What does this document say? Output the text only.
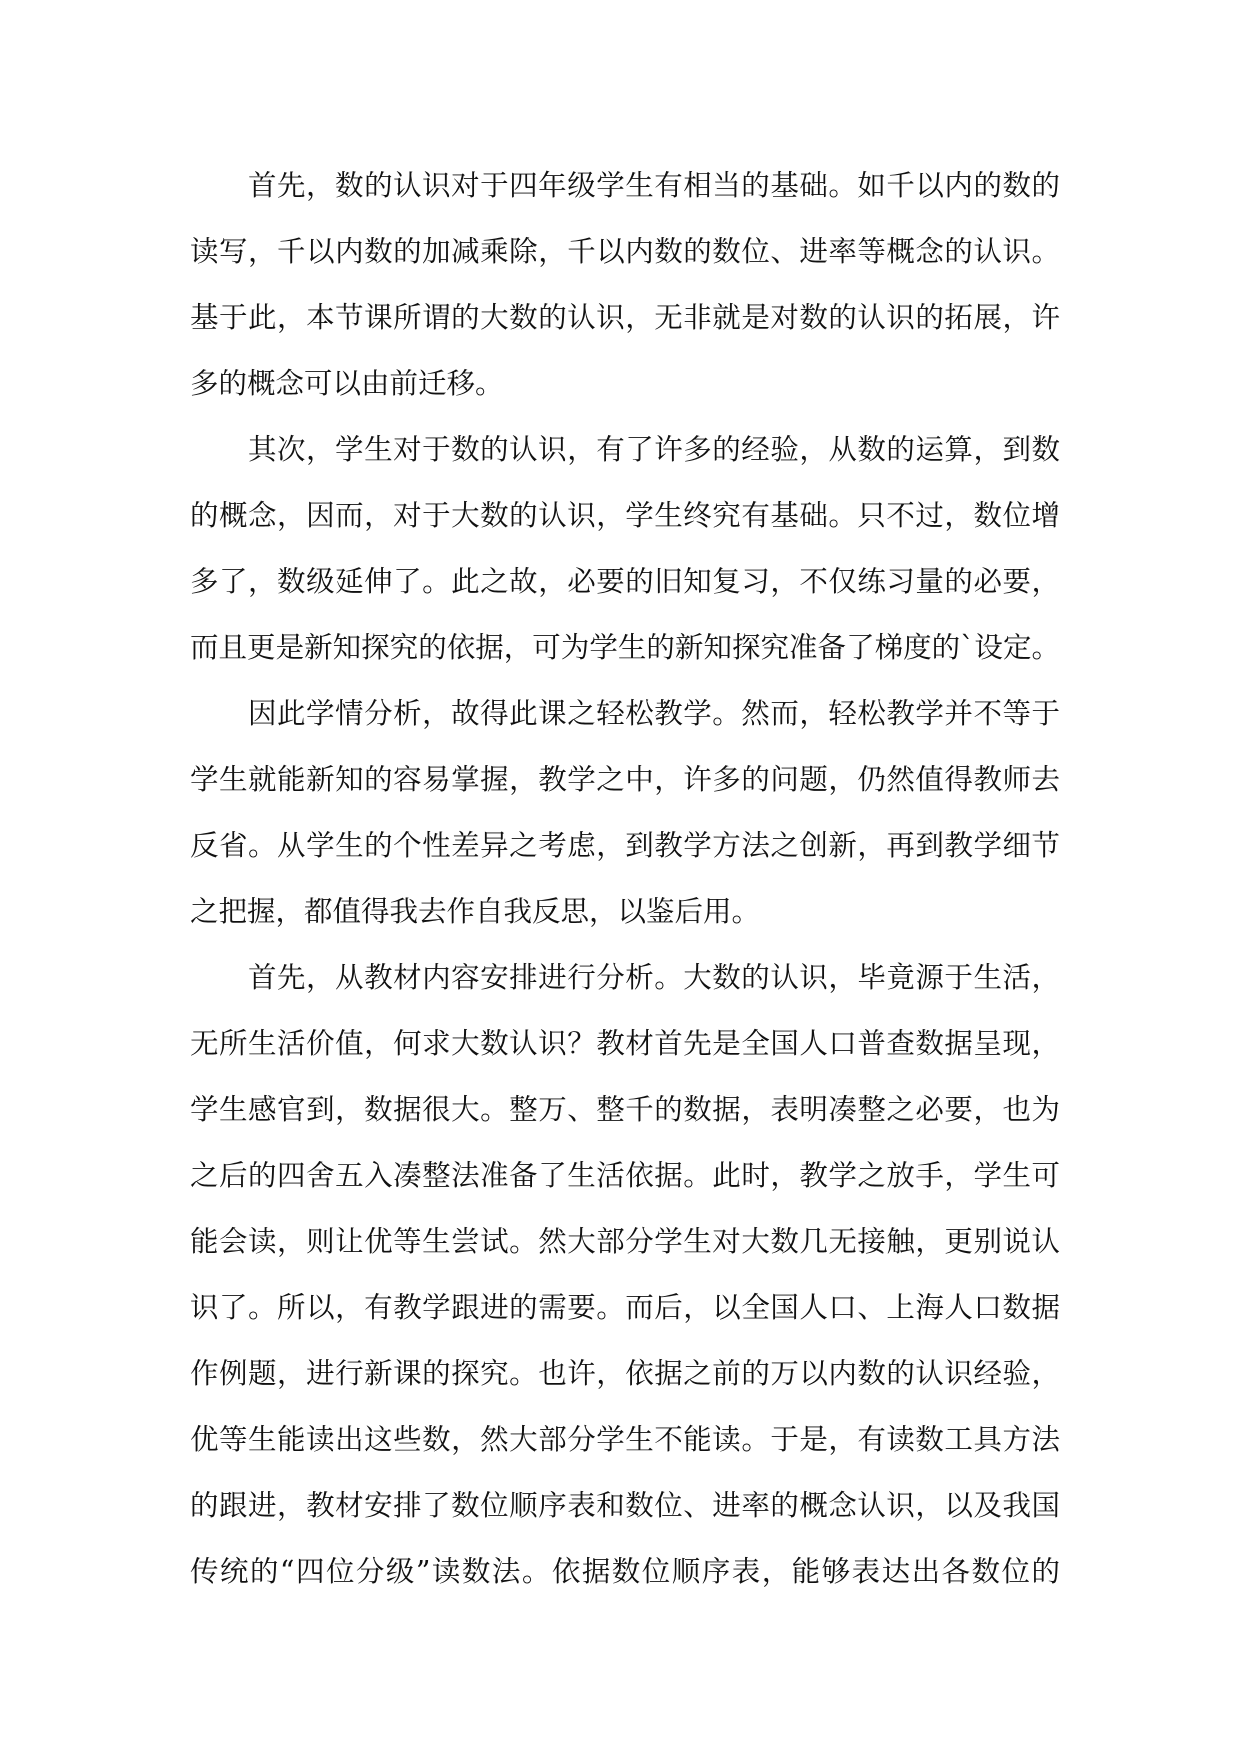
首先，数的认识对于四年级学生有相当的基础。如千以内的数的

读写，千以内数的加减乘除，千以内数的数位、进率等概念的认识。

基于此，本节课所谓的大数的认识，无非就是对数的认识的拓展，许

多的概念可以由前迁移。

其次，学生对于数的认识，有了许多的经验，从数的运算，到数

的概念，因而，对于大数的认识，学生终究有基础。只不过，数位增

多了，数级延伸了。此之故，必要的旧知复习，不仅练习量的必要，

而且更是新知探究的依据，可为学生的新知探究准备了梯度的`设定。

因此学情分析，故得此课之轻松教学。然而，轻松教学并不等于

学生就能新知的容易掌握，教学之中，许多的问题，仍然值得教师去

反省。从学生的个性差异之考虑，到教学方法之创新，再到教学细节

之把握，都值得我去作自我反思，以鉴后用。

首先，从教材内容安排进行分析。大数的认识，毕竟源于生活，

无所生活价值，何求大数认识？教材首先是全国人口普查数据呈现，

学生感官到，数据很大。整万、整千的数据，表明凑整之必要，也为

之后的四舍五入凑整法准备了生活依据。此时，教学之放手，学生可

能会读，则让优等生尝试。然大部分学生对大数几无接触，更别说认

识了。所以，有教学跟进的需要。而后，以全国人口、上海人口数据

作例题，进行新课的探究。也许，依据之前的万以内数的认识经验，

优等生能读出这些数，然大部分学生不能读。于是，有读数工具方法

的跟进，教材安排了数位顺序表和数位、进率的概念认识，以及我国

传统的“四位分级”读数法。依据数位顺序表，能够表达出各数位的
